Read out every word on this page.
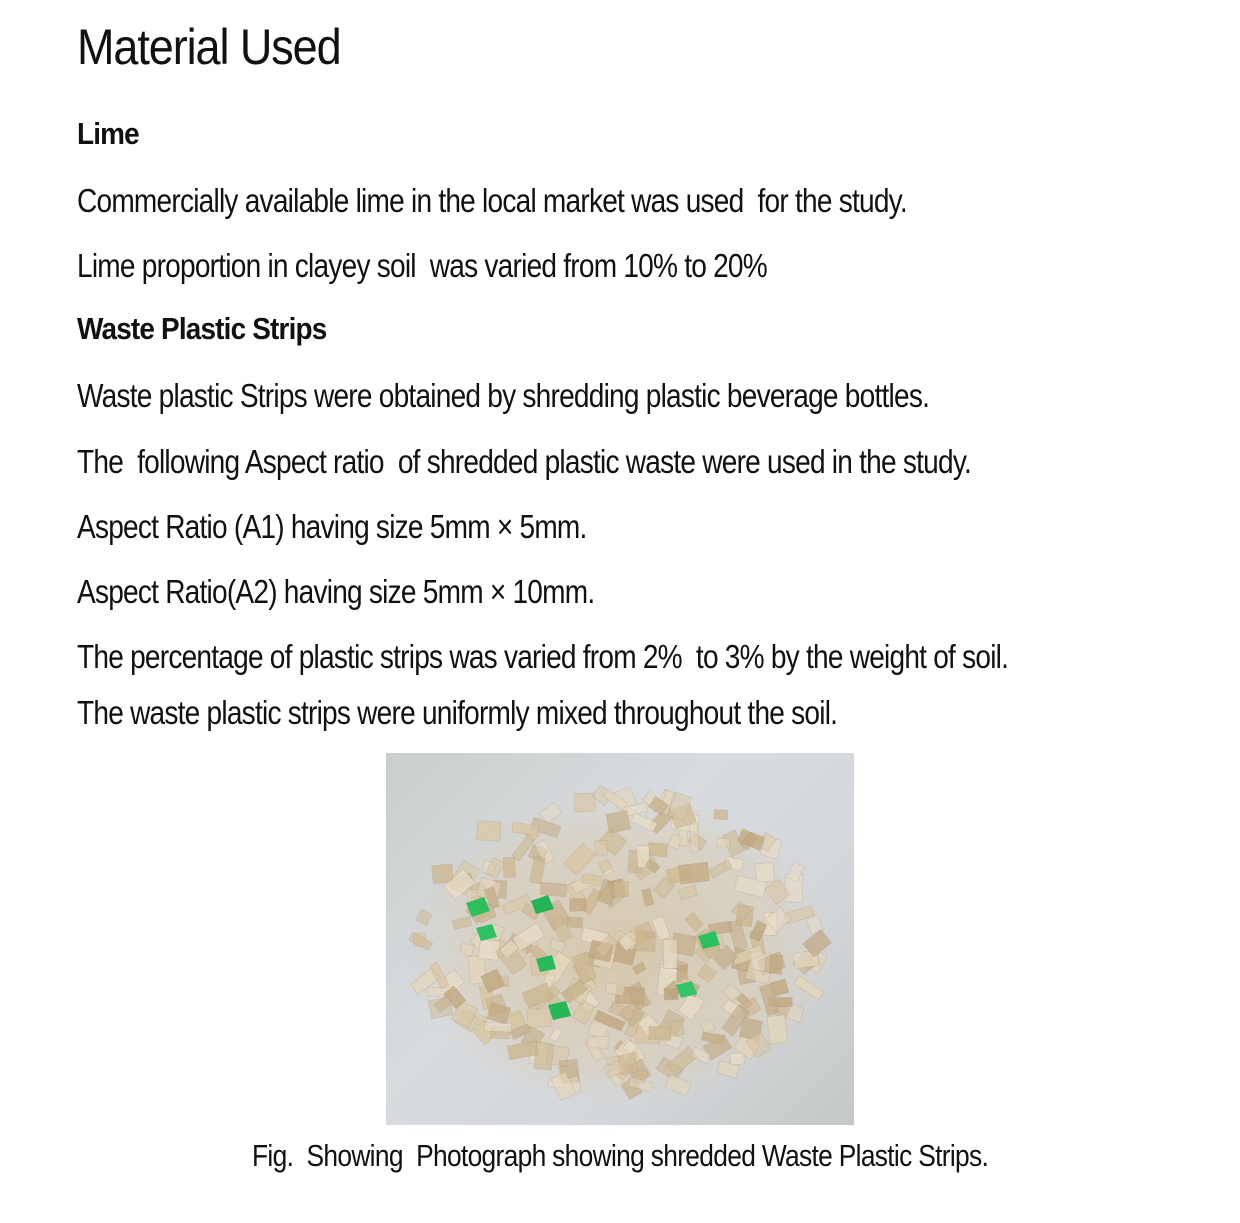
Material Used
Lime
Commercially available lime in the local market was used  for the study.
Lime proportion in clayey soil  was varied from 10% to 20%
Waste Plastic Strips
Waste plastic Strips were obtained by shredding plastic beverage bottles.
The  following Aspect ratio  of shredded plastic waste were used in the study.
Aspect Ratio (A1) having size 5mm × 5mm.
Aspect Ratio(A2) having size 5mm × 10mm.
The percentage of plastic strips was varied from 2%  to 3% by the weight of soil.
The waste plastic strips were uniformly mixed throughout the soil.
Fig.  Showing  Photograph showing shredded Waste Plastic Strips.
